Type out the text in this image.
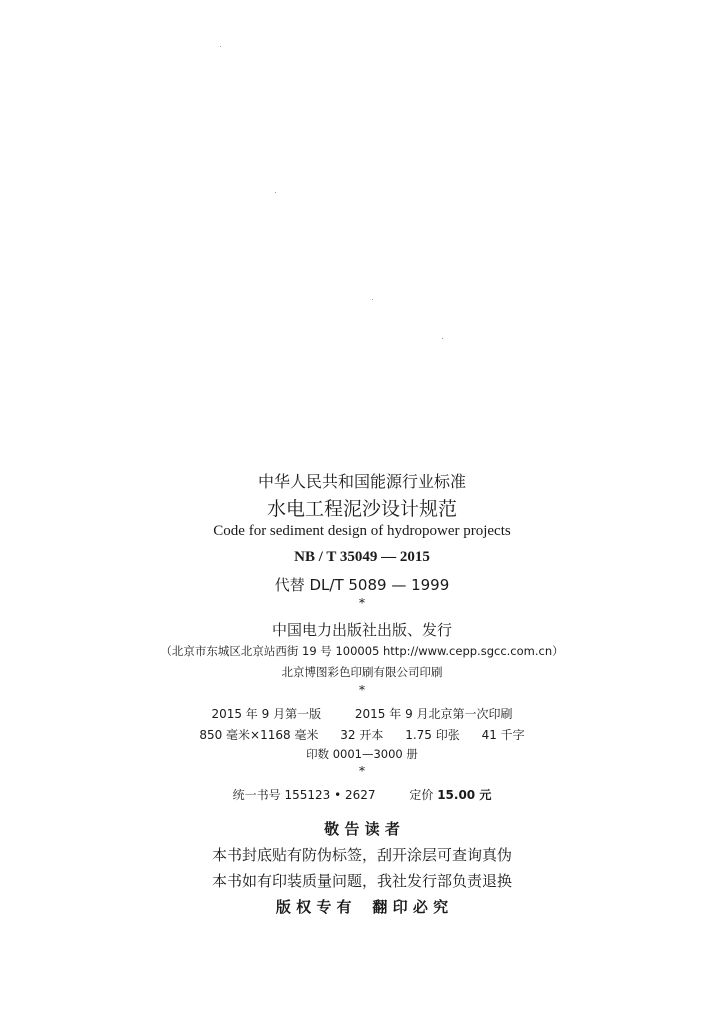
中华人民共和国能源行业标准
水电工程泥沙设计规范
Code for sediment design of hydropower projects
NB / T 35049 — 2015
代替 DL/T 5089 — 1999
*
中国电力出版社出版、发行
（北京市东城区北京站西街 19 号 100005 http://www.cepp.sgcc.com.cn）
北京博图彩色印刷有限公司印刷
*
2015 年 9 月第一版	2015 年 9 月北京第一次印刷
850 毫米×1168 毫米 32 开本 1.75 印张 41 千字
印数 0001—3000 册
*
统一书号 155123 • 2627	定价 15.00 元
敬 告 读 者
本书封底贴有防伪标签，刮开涂层可查询真伪
本书如有印装质量问题，我社发行部负责退换
版 权 专 有    翻 印 必 究
